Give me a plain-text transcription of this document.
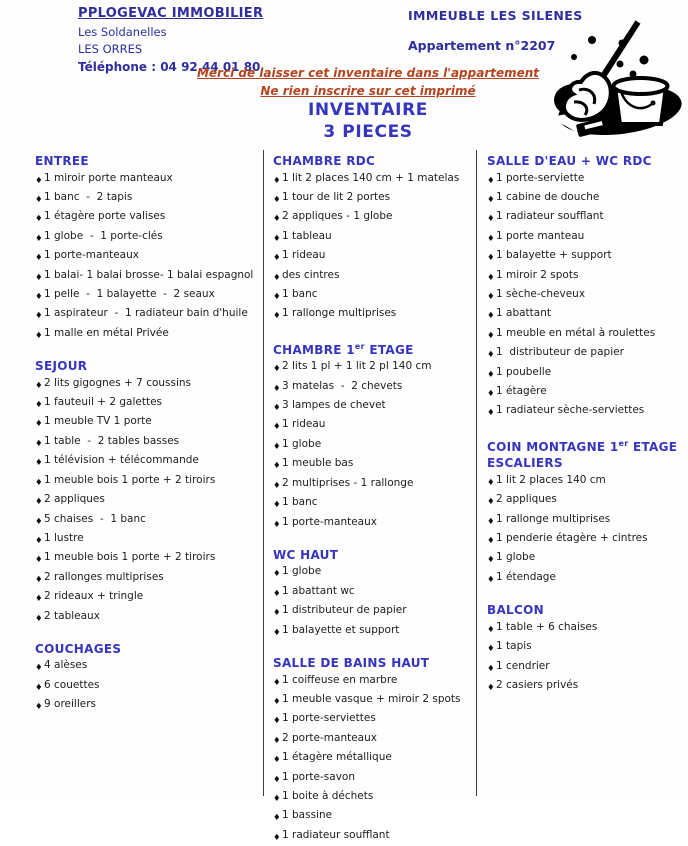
PPLOGEVAC IMMOBILIER
Les Soldanelles
LES ORRES
Téléphone : 04 92 44 01 80
IMMEUBLE LES SILENES
Appartement n°2207
Merci de laisser cet inventaire dans l'appartement
Ne rien inscrire sur cet imprimé
INVENTAIRE
3 PIECES
ENTREE
♦ 1 miroir porte manteaux
♦ 1 banc  -  2 tapis
♦ 1 étagère porte valises
♦ 1 globe  -  1 porte-clés
♦ 1 porte-manteaux
♦ 1 balai- 1 balai brosse- 1 balai espagnol
♦ 1 pelle  -  1 balayette  -  2 seaux
♦ 1 aspirateur  -  1 radiateur bain d'huile
♦ 1 malle en métal Privée
SEJOUR
♦ 2 lits gigognes + 7 coussins
♦ 1 fauteuil + 2 galettes
♦ 1 meuble TV 1 porte
♦ 1 table  -  2 tables basses
♦ 1 télévision + télécommande
♦ 1 meuble bois 1 porte + 2 tiroirs
♦ 2 appliques
♦ 5 chaises  -  1 banc
♦ 1 lustre
♦ 1 meuble bois 1 porte + 2 tiroirs
♦ 2 rallonges multiprises
♦ 2 rideaux + tringle
♦ 2 tableaux
COUCHAGES
♦ 4 alèses
♦ 6 couettes
♦ 9 oreillers
CHAMBRE RDC
♦ 1 lit 2 places 140 cm + 1 matelas
♦ 1 tour de lit 2 portes
♦ 2 appliques - 1 globe
♦ 1 tableau
♦ 1 rideau
♦ des cintres
♦ 1 banc
♦ 1 rallonge multiprises
CHAMBRE 1er ETAGE
♦ 2 lits 1 pl + 1 lit 2 pl 140 cm
♦ 3 matelas  -  2 chevets
♦ 3 lampes de chevet
♦ 1 rideau
♦ 1 globe
♦ 1 meuble bas
♦ 2 multiprises - 1 rallonge
♦ 1 banc
♦ 1 porte-manteaux
WC HAUT
♦ 1 globe
♦ 1 abattant wc
♦ 1 distributeur de papier
♦ 1 balayette et support
SALLE DE BAINS HAUT
♦ 1 coiffeuse en marbre
♦ 1 meuble vasque + miroir 2 spots
♦ 1 porte-serviettes
♦ 2 porte-manteaux
♦ 1 étagère métallique
♦ 1 porte-savon
♦ 1 boite à déchets
♦ 1 bassine
♦ 1 radiateur soufflant
SALLE D'EAU + WC RDC
♦ 1 porte-serviette
♦ 1 cabine de douche
♦ 1 radiateur soufflant
♦ 1 porte manteau
♦ 1 balayette + support
♦ 1 miroir 2 spots
♦ 1 sèche-cheveux
♦ 1 abattant
♦ 1 meuble en métal à roulettes
♦ 1  distributeur de papier
♦ 1 poubelle
♦ 1 étagère
♦ 1 radiateur sèche-serviettes
COIN MONTAGNE 1er ETAGE
ESCALIERS
♦ 1 lit 2 places 140 cm
♦ 2 appliques
♦ 1 rallonge multiprises
♦ 1 penderie étagère + cintres
♦ 1 globe
♦ 1 étendage
BALCON
♦ 1 table + 6 chaises
♦ 1 tapis
♦ 1 cendrier
♦ 2 casiers privés
